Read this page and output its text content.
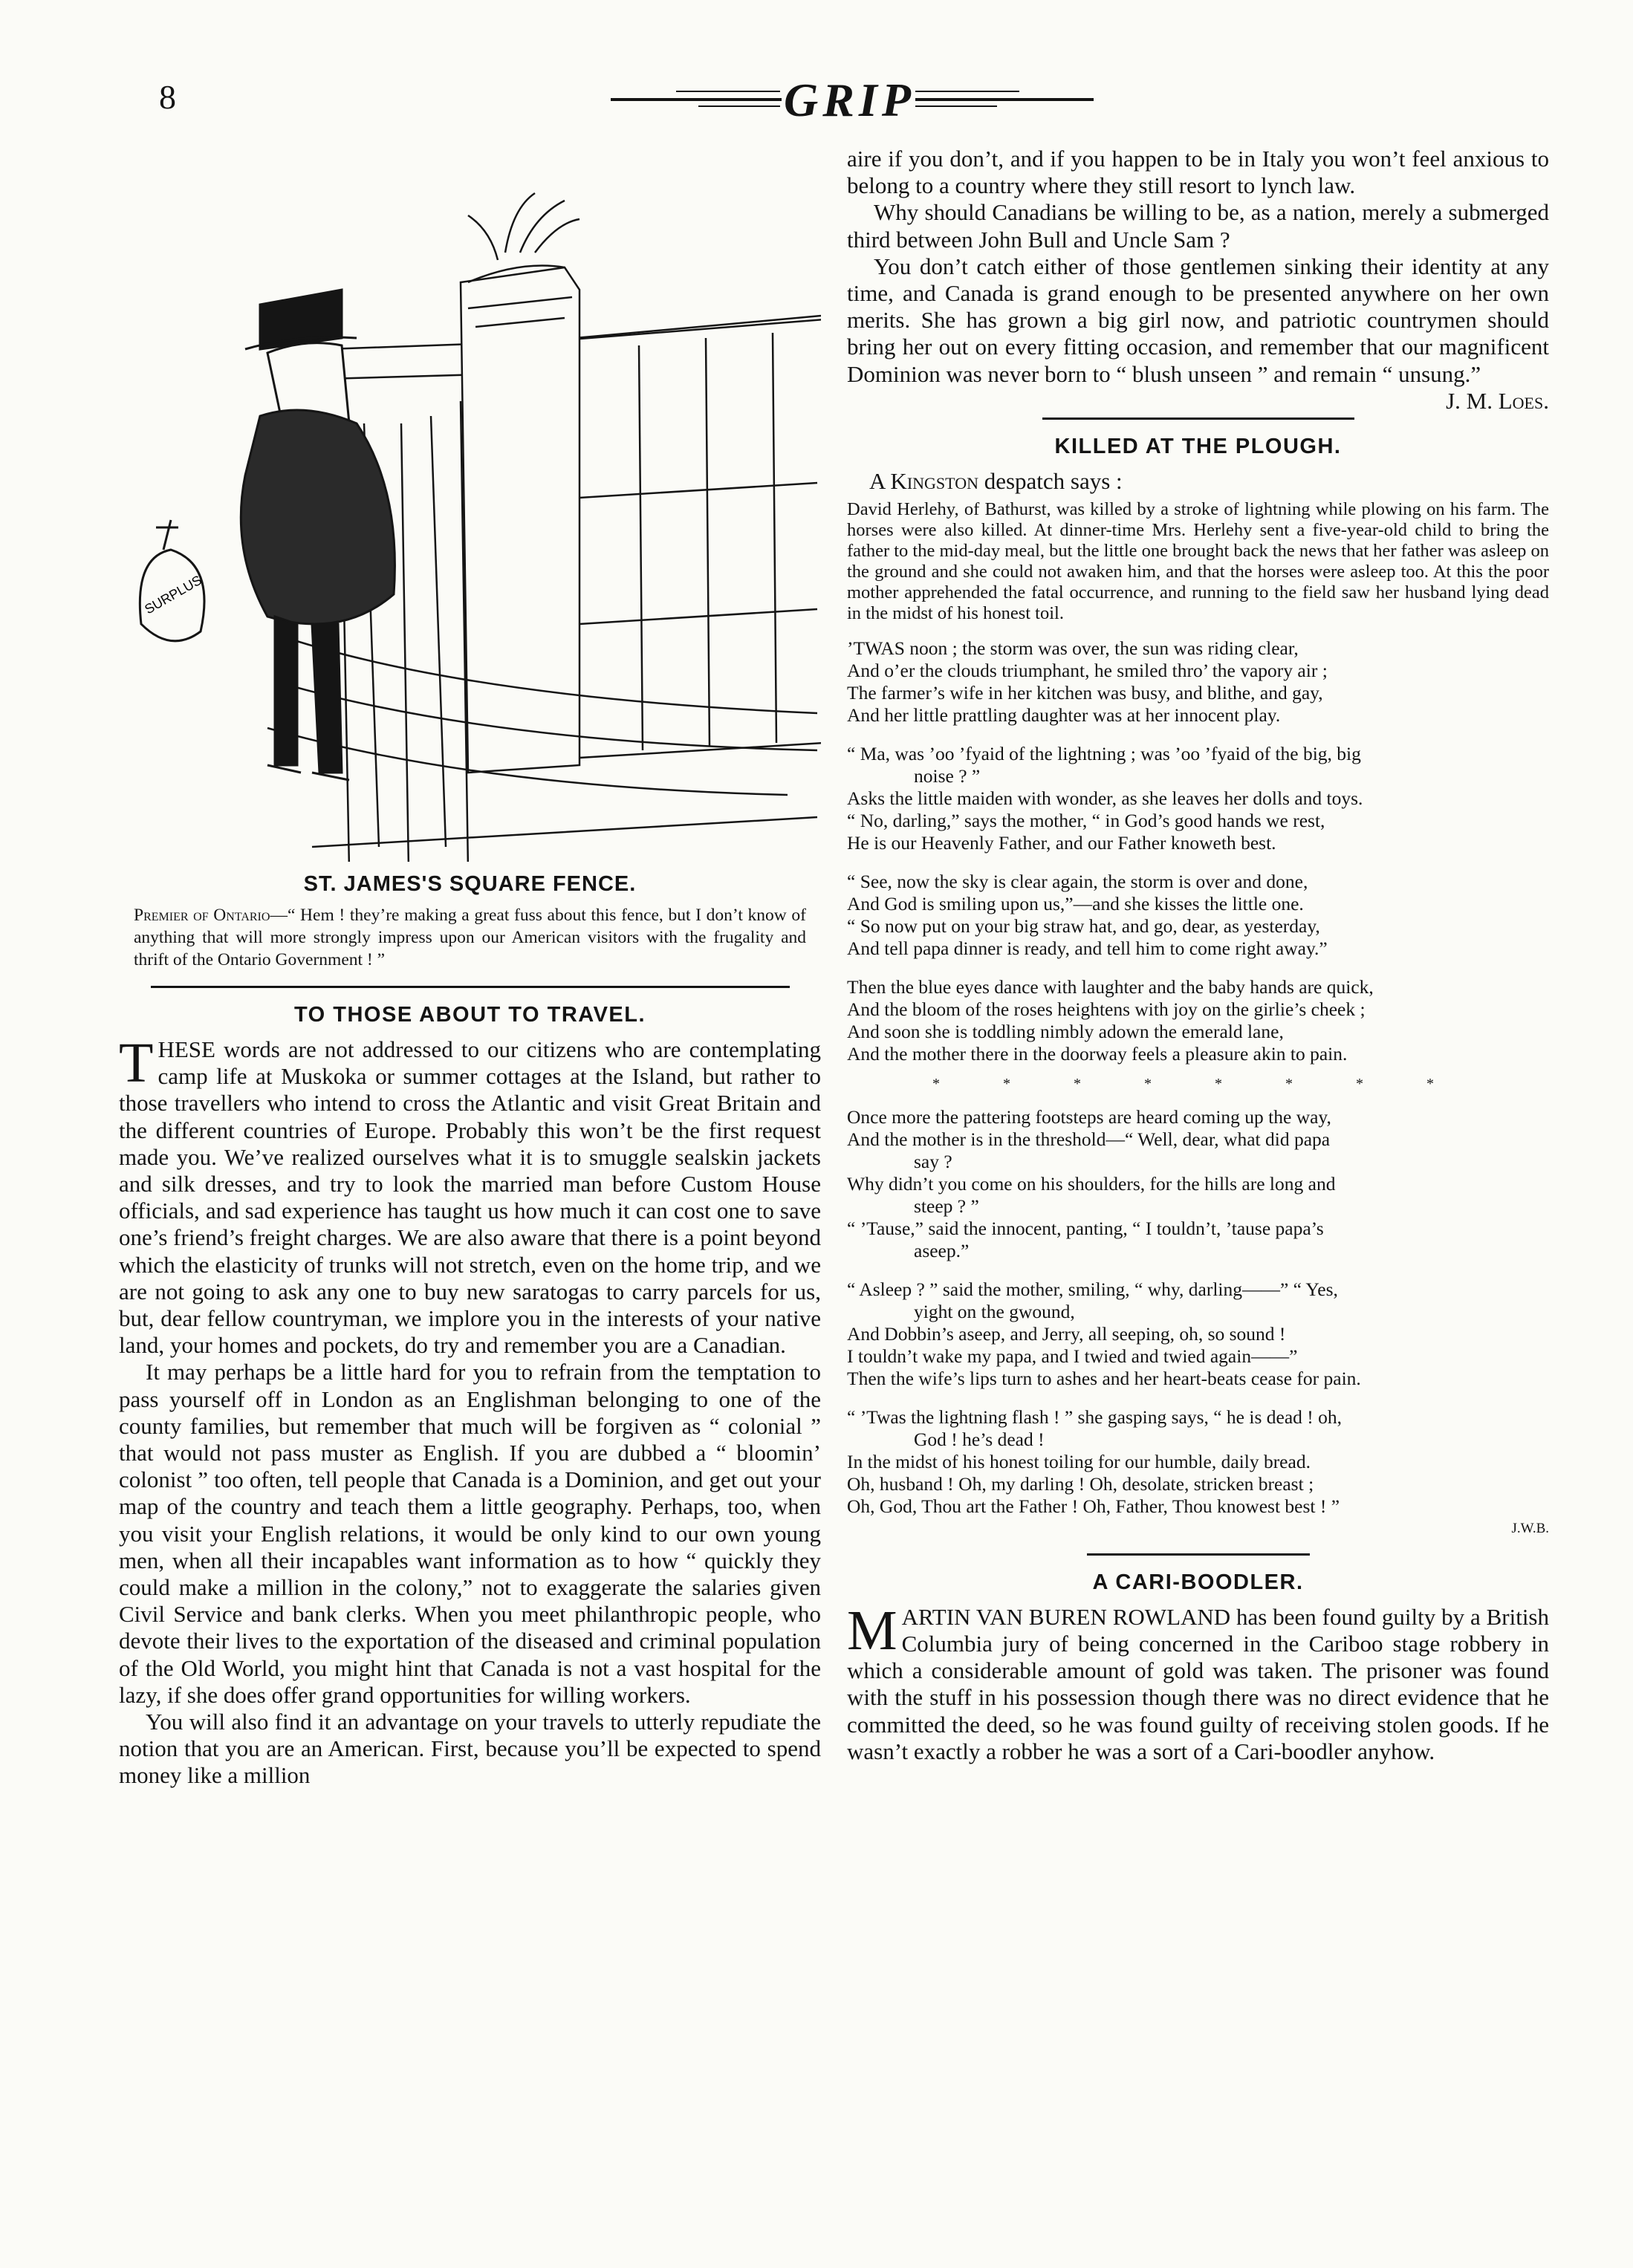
8	GRIP
SURPLUS
ST. JAMES'S SQUARE FENCE.
Premier of Ontario—“ Hem ! they’re making a great fuss about this fence, but I don’t know of anything that will more strongly impress upon our American visitors with the frugality and thrift of the Ontario Government ! ”
TO THOSE ABOUT TO TRAVEL.

THESE words are not addressed to our citizens who are contemplating camp life at Muskoka or summer cottages at the Island, but rather to those travellers who intend to cross the Atlantic and visit Great Britain and the different countries of Europe. Probably this won’t be the first request made you. We’ve realized ourselves what it is to smuggle sealskin jackets and silk dresses, and try to look the married man before Custom House officials, and sad experience has taught us how much it can cost one to save one’s friend’s freight charges. We are also aware that there is a point beyond which the elasticity of trunks will not stretch, even on the home trip, and we are not going to ask any one to buy new saratogas to carry parcels for us, but, dear fellow countryman, we implore you in the interests of your native land, your homes and pockets, do try and remember you are a Canadian.

It may perhaps be a little hard for you to refrain from the temptation to pass yourself off in London as an Englishman belonging to one of the county families, but remember that much will be forgiven as “ colonial ” that would not pass muster as English. If you are dubbed a “ bloomin’ colonist ” too often, tell people that Canada is a Dominion, and get out your map of the country and teach them a little geography. Perhaps, too, when you visit your English relations, it would be only kind to our own young men, when all their incapables want information as to how “ quickly they could make a million in the colony,” not to exaggerate the salaries given Civil Service and bank clerks. When you meet philanthropic people, who devote their lives to the exportation of the diseased and criminal population of the Old World, you might hint that Canada is not a vast hospital for the lazy, if she does offer grand opportunities for willing workers.

You will also find it an advantage on your travels to utterly repudiate the notion that you are an American. First, because you’ll be expected to spend money like a million

aire if you don’t, and if you happen to be in Italy you won’t feel anxious to belong to a country where they still resort to lynch law.

Why should Canadians be willing to be, as a nation, merely a submerged third between John Bull and Uncle Sam ?

You don’t catch either of those gentlemen sinking their identity at any time, and Canada is grand enough to be presented anywhere on her own merits. She has grown a big girl now, and patriotic countrymen should bring her out on every fitting occasion, and remember that our magnificent Dominion was never born to “ blush unseen ” and remain “ unsung.”
J. M. Loes.

KILLED AT THE PLOUGH.
A Kingston despatch says :
David Herlehy, of Bathurst, was killed by a stroke of lightning while plowing on his farm. The horses were also killed. At dinner-time Mrs. Herlehy sent a five-year-old child to bring the father to the mid-day meal, but the little one brought back the news that her father was asleep on the ground and she could not awaken him, and that the horses were asleep too. At this the poor mother apprehended the fatal occurrence, and running to the field saw her husband lying dead in the midst of his honest toil.
’TWAS noon ; the storm was over, the sun was riding clear,
And o’er the clouds triumphant, he smiled thro’ the vapory air ;
The farmer’s wife in her kitchen was busy, and blithe, and gay,
And her little prattling daughter was at her innocent play.
“ Ma, was ’oo ’fyaid of the lightning ; was ’oo ’fyaid of the big, big
noise ? ”
Asks the little maiden with wonder, as she leaves her dolls and toys.
“ No, darling,” says the mother, “ in God’s good hands we rest,
He is our Heavenly Father, and our Father knoweth best.
“ See, now the sky is clear again, the storm is over and done,
And God is smiling upon us,”—and she kisses the little one.
“ So now put on your big straw hat, and go, dear, as yesterday,
And tell papa dinner is ready, and tell him to come right away.”
Then the blue eyes dance with laughter and the baby hands are quick,
And the bloom of the roses heightens with joy on the girlie’s cheek ;
And soon she is toddling nimbly adown the emerald lane,
And the mother there in the doorway feels a pleasure akin to pain.
* * * * * * * *
Once more the pattering footsteps are heard coming up the way,
And the mother is in the threshold—“ Well, dear, what did papa
say ?
Why didn’t you come on his shoulders, for the hills are long and
steep ? ”
“ ’Tause,” said the innocent, panting, “ I touldn’t, ’tause papa’s
aseep.”
“ Asleep ? ” said the mother, smiling, “ why, darling——” “ Yes,
yight on the gwound,
And Dobbin’s aseep, and Jerry, all seeping, oh, so sound !
I touldn’t wake my papa, and I twied and twied again——”
Then the wife’s lips turn to ashes and her heart-beats cease for pain.
“ ’Twas the lightning flash ! ” she gasping says, “ he is dead ! oh,
God ! he’s dead !
In the midst of his honest toiling for our humble, daily bread.
Oh, husband ! Oh, my darling ! Oh, desolate, stricken breast ;
Oh, God, Thou art the Father ! Oh, Father, Thou knowest best ! ”
J.W.B.
A CARI-BOODLER.

MARTIN VAN BUREN ROWLAND has been found guilty by a British Columbia jury of being concerned in the Cariboo stage robbery in which a considerable amount of gold was taken. The prisoner was found with the stuff in his possession though there was no direct evidence that he committed the deed, so he was found guilty of receiving stolen goods. If he wasn’t exactly a robber he was a sort of a Cari-boodler anyhow.
